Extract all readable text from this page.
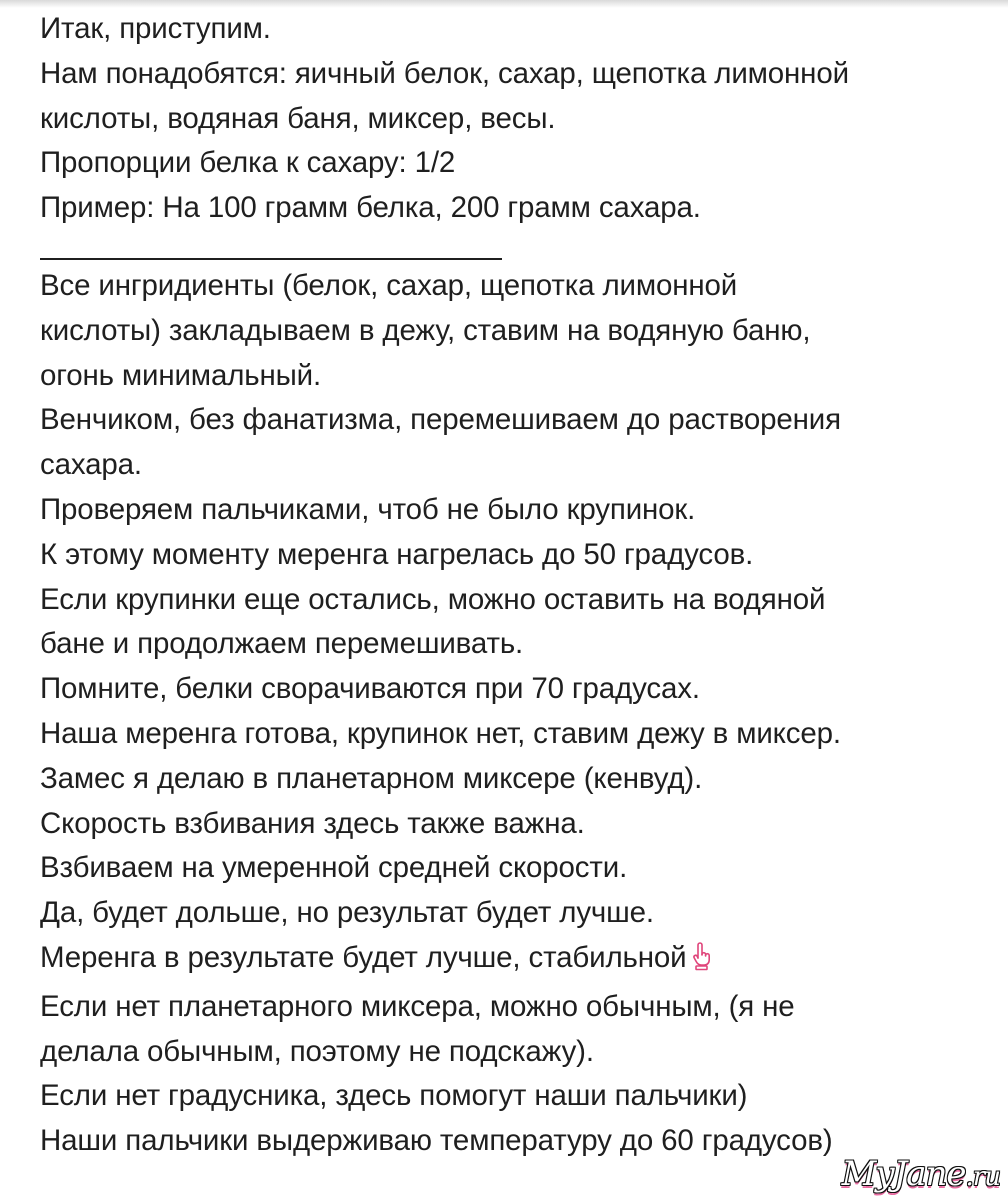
Итак, приступим.
Нам понадобятся: яичный белок, сахар, щепотка лимонной
кислоты, водяная баня, миксер, весы.
Пропорции белка к сахару: 1/2
Пример: На 100 грамм белка, 200 грамм сахара.
Все ингридиенты (белок, сахар, щепотка лимонной
кислоты) закладываем в дежу, ставим на водяную баню,
огонь минимальный.
Венчиком, без фанатизма, перемешиваем до растворения
сахара.
Проверяем пальчиками, чтоб не было крупинок.
К этому моменту меренга нагрелась до 50 градусов.
Если крупинки еще остались, можно оставить на водяной
бане и продолжаем перемешивать.
Помните, белки сворачиваются при 70 градусах.
Наша меренга готова, крупинок нет, ставим дежу в миксер.
Замес я делаю в планетарном миксере (кенвуд).
Скорость взбивания здесь также важна.
Взбиваем на умеренной средней скорости.
Да, будет дольше, но результат будет лучше.
Меренга в результате будет лучше, стабильной
Если нет планетарного миксера, можно обычным, (я не
делала обычным, поэтому не подскажу).
Если нет градусника, здесь помогут наши пальчики)
Наши пальчики выдерживаю температуру до 60 градусов)
MyJane.ru
